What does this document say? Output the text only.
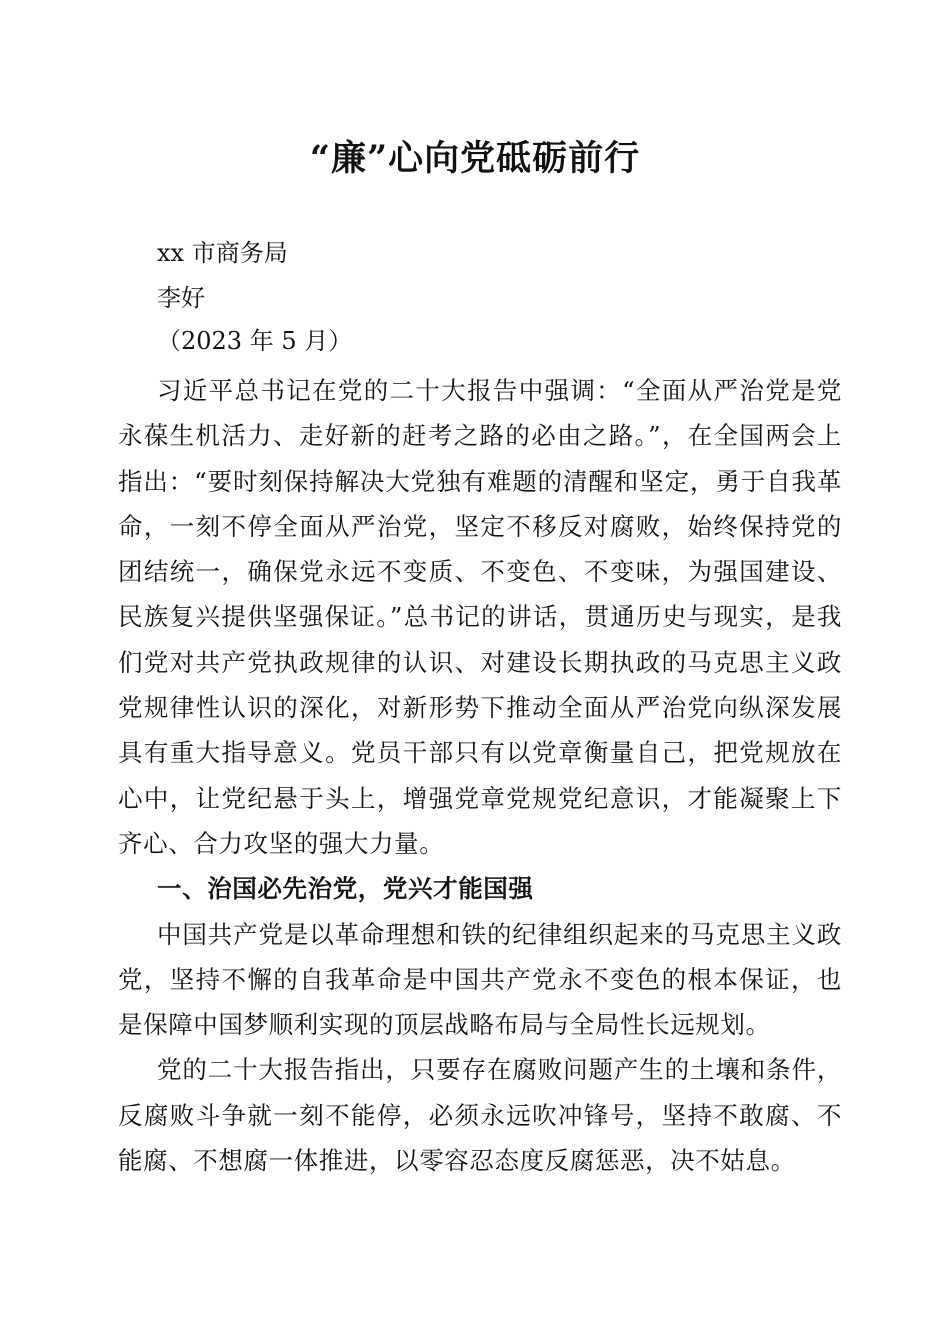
“廉”心向党砥砺前行
xx 市商务局
李好
（2023 年 5 月）

习近平总书记在党的二十大报告中强调：“全面从严治党是党永葆生机活力、走好新的赶考之路的必由之路。”，在全国两会上指出：“要时刻保持解决大党独有难题的清醒和坚定，勇于自我革命，一刻不停全面从严治党，坚定不移反对腐败，始终保持党的团结统一，确保党永远不变质、不变色、不变味，为强国建设、民族复兴提供坚强保证。”总书记的讲话，贯通历史与现实，是我们党对共产党执政规律的认识、对建设长期执政的马克思主义政党规律性认识的深化，对新形势下推动全面从严治党向纵深发展具有重大指导意义。党员干部只有以党章衡量自己，把党规放在心中，让党纪悬于头上，增强党章党规党纪意识，才能凝聚上下齐心、合力攻坚的强大力量。

一、治国必先治党，党兴才能国强

中国共产党是以革命理想和铁的纪律组织起来的马克思主义政党，坚持不懈的自我革命是中国共产党永不变色的根本保证，也是保障中国梦顺利实现的顶层战略布局与全局性长远规划。

党的二十大报告指出，只要存在腐败问题产生的土壤和条件，反腐败斗争就一刻不能停，必须永远吹冲锋号，坚持不敢腐、不能腐、不想腐一体推进，以零容忍态度反腐惩恶，决不姑息。
